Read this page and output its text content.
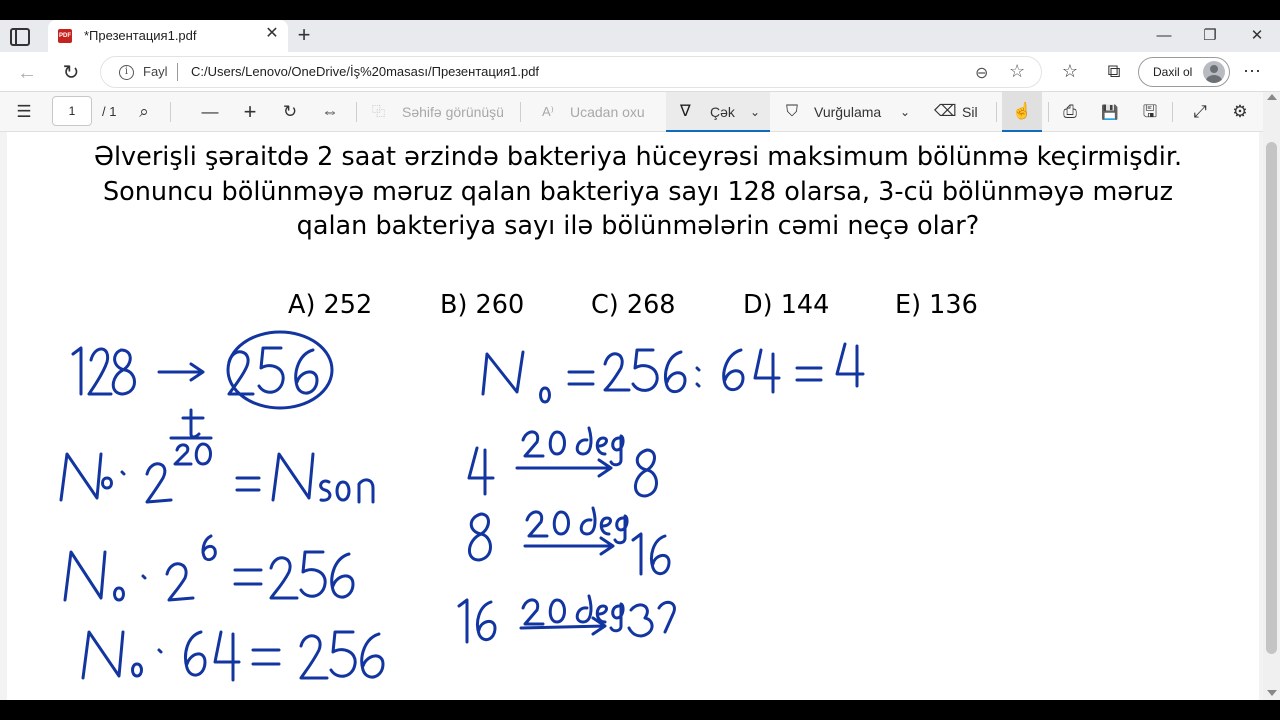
PDF *Презентация1.pdf	✕ +	—	❐	✕
← ↻	i	Fayl C:/Users/Lenovo/OneDrive/İş%20masası/Презентация1.pdf	⊖ ☆ ☆	⧉	Daxil ol	⋯
☰	1	/ 1	⌕	—	+	↻	⇔	⿻ Səhifə görünüşü	A⁾ Ucadan oxu ∇ Çək ⌄ ⛉ Vurğulama ⌄ ⌫ Sil ☝	⎙	💾	🖫	⤢	⚙
Əlverişli şəraitdə 2 saat ərzində bakteriya hüceyrəsi maksimum bölünmə keçirmişdir. Sonuncu bölünməyə məruz qalan bakteriya sayı 128 olarsa, 3-cü bölünməyə məruz qalan bakteriya sayı ilə bölünmələrin cəmi neçə olar?
A) 252	B) 260	C) 268	D) 144	E) 136
